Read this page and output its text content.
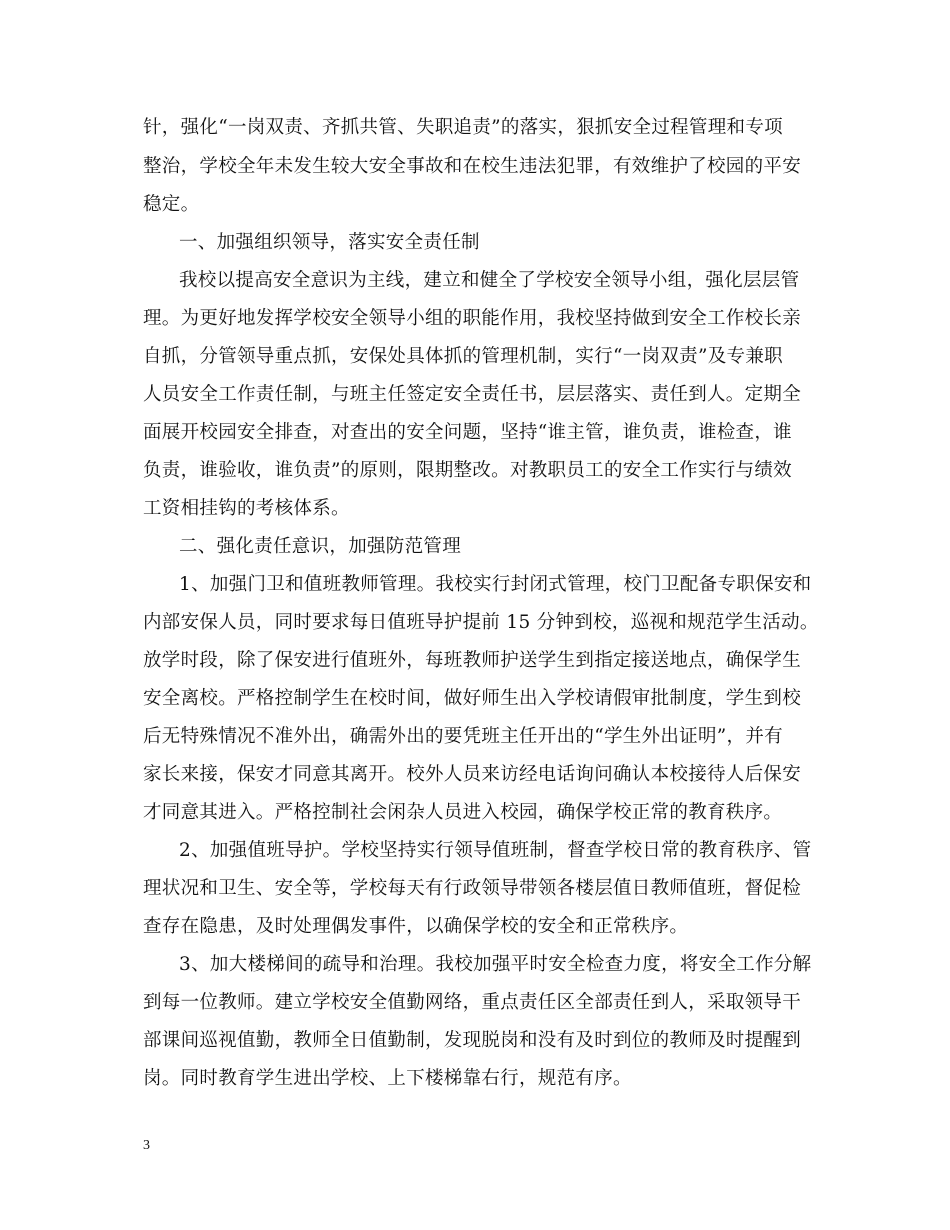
针，强化“一岗双责、齐抓共管、失职追责”的落实，狠抓安全过程管理和专项
整治，学校全年未发生较大安全事故和在校生违法犯罪，有效维护了校园的平安
稳定。
一、加强组织领导，落实安全责任制
我校以提高安全意识为主线，建立和健全了学校安全领导小组，强化层层管
理。为更好地发挥学校安全领导小组的职能作用，我校坚持做到安全工作校长亲
自抓，分管领导重点抓，安保处具体抓的管理机制，实行“一岗双责”及专兼职
人员安全工作责任制，与班主任签定安全责任书，层层落实、责任到人。定期全
面展开校园安全排查，对查出的安全问题，坚持“谁主管，谁负责，谁检查，谁
负责，谁验收，谁负责”的原则，限期整改。对教职员工的安全工作实行与绩效
工资相挂钩的考核体系。
二、强化责任意识，加强防范管理
1、加强门卫和值班教师管理。我校实行封闭式管理，校门卫配备专职保安和
内部安保人员，同时要求每日值班导护提前 15 分钟到校，巡视和规范学生活动。
放学时段，除了保安进行值班外，每班教师护送学生到指定接送地点，确保学生
安全离校。严格控制学生在校时间，做好师生出入学校请假审批制度，学生到校
后无特殊情况不准外出，确需外出的要凭班主任开出的“学生外出证明”，并有
家长来接，保安才同意其离开。校外人员来访经电话询问确认本校接待人后保安
才同意其进入。严格控制社会闲杂人员进入校园，确保学校正常的教育秩序。
2、加强值班导护。学校坚持实行领导值班制，督查学校日常的教育秩序、管
理状况和卫生、安全等，学校每天有行政领导带领各楼层值日教师值班，督促检
查存在隐患，及时处理偶发事件，以确保学校的安全和正常秩序。
3、加大楼梯间的疏导和治理。我校加强平时安全检查力度，将安全工作分解
到每一位教师。建立学校安全值勤网络，重点责任区全部责任到人，采取领导干
部课间巡视值勤，教师全日值勤制，发现脱岗和没有及时到位的教师及时提醒到
岗。同时教育学生进出学校、上下楼梯靠右行，规范有序。
3
